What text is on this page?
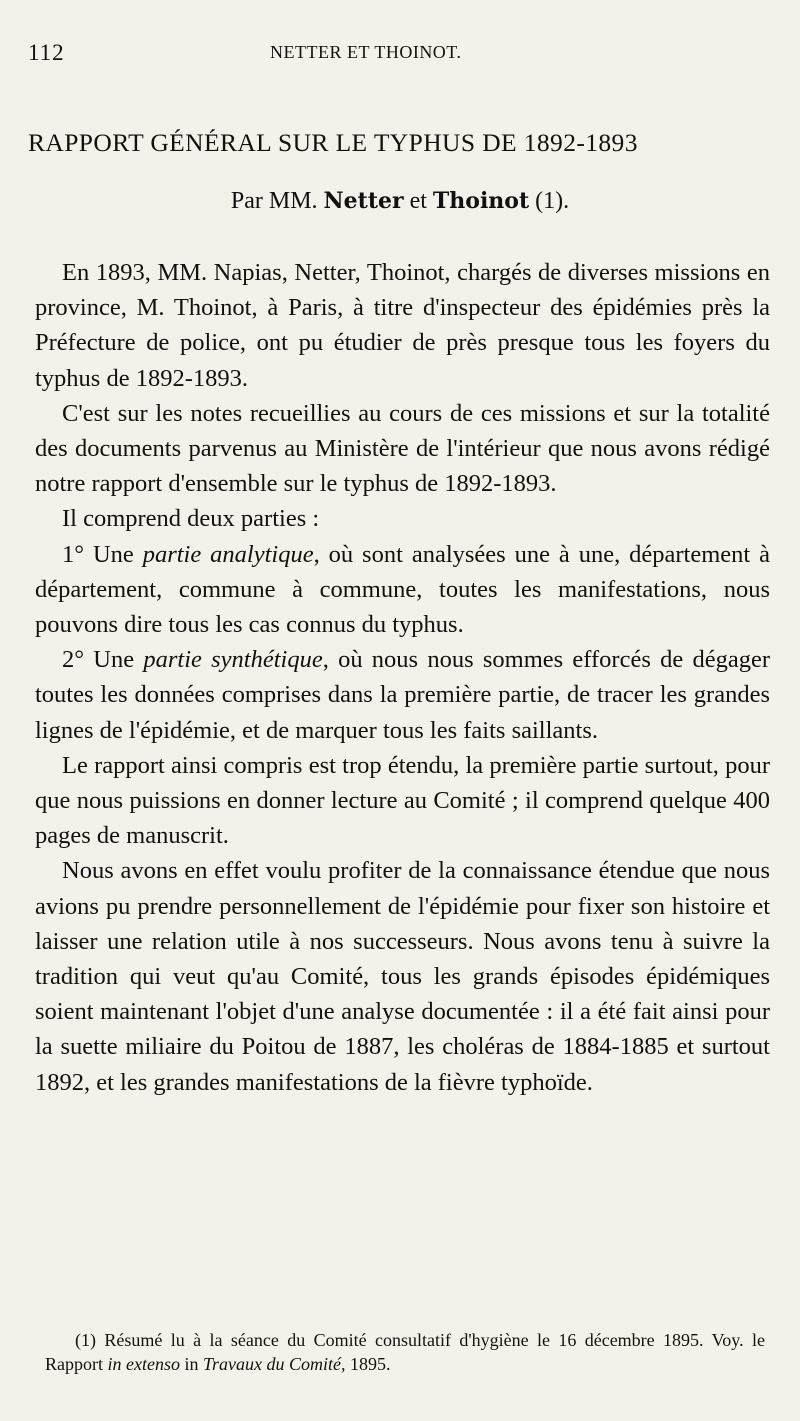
112	NETTER ET THOINOT.
RAPPORT GÉNÉRAL SUR LE TYPHUS DE 1892-1893
Par MM. Netter et Thoinot (1).

En 1893, MM. Napias, Netter, Thoinot, chargés de diverses missions en province, M. Thoinot, à Paris, à titre d'inspecteur des épidémies près la Préfecture de police, ont pu étudier de près presque tous les foyers du typhus de 1892-1893.

C'est sur les notes recueillies au cours de ces missions et sur la totalité des documents parvenus au Ministère de l'intérieur que nous avons rédigé notre rapport d'ensemble sur le typhus de 1892-1893.

Il comprend deux parties :

1° Une partie analytique, où sont analysées une à une, département à département, commune à commune, toutes les manifestations, nous pouvons dire tous les cas connus du typhus.

2° Une partie synthétique, où nous nous sommes efforcés de dégager toutes les données comprises dans la première partie, de tracer les grandes lignes de l'épidémie, et de marquer tous les faits saillants.

Le rapport ainsi compris est trop étendu, la première partie surtout, pour que nous puissions en donner lecture au Comité ; il comprend quelque 400 pages de manuscrit.

Nous avons en effet voulu profiter de la connaissance étendue que nous avions pu prendre personnellement de l'épidémie pour fixer son histoire et laisser une relation utile à nos successeurs. Nous avons tenu à suivre la tradition qui veut qu'au Comité, tous les grands épisodes épidémiques soient maintenant l'objet d'une analyse documentée : il a été fait ainsi pour la suette miliaire du Poitou de 1887, les choléras de 1884-1885 et surtout 1892, et les grandes manifestations de la fièvre typhoïde.

(1) Résumé lu à la séance du Comité consultatif d'hygiène le 16 décembre 1895. Voy. le Rapport in extenso in Travaux du Comité, 1895.
